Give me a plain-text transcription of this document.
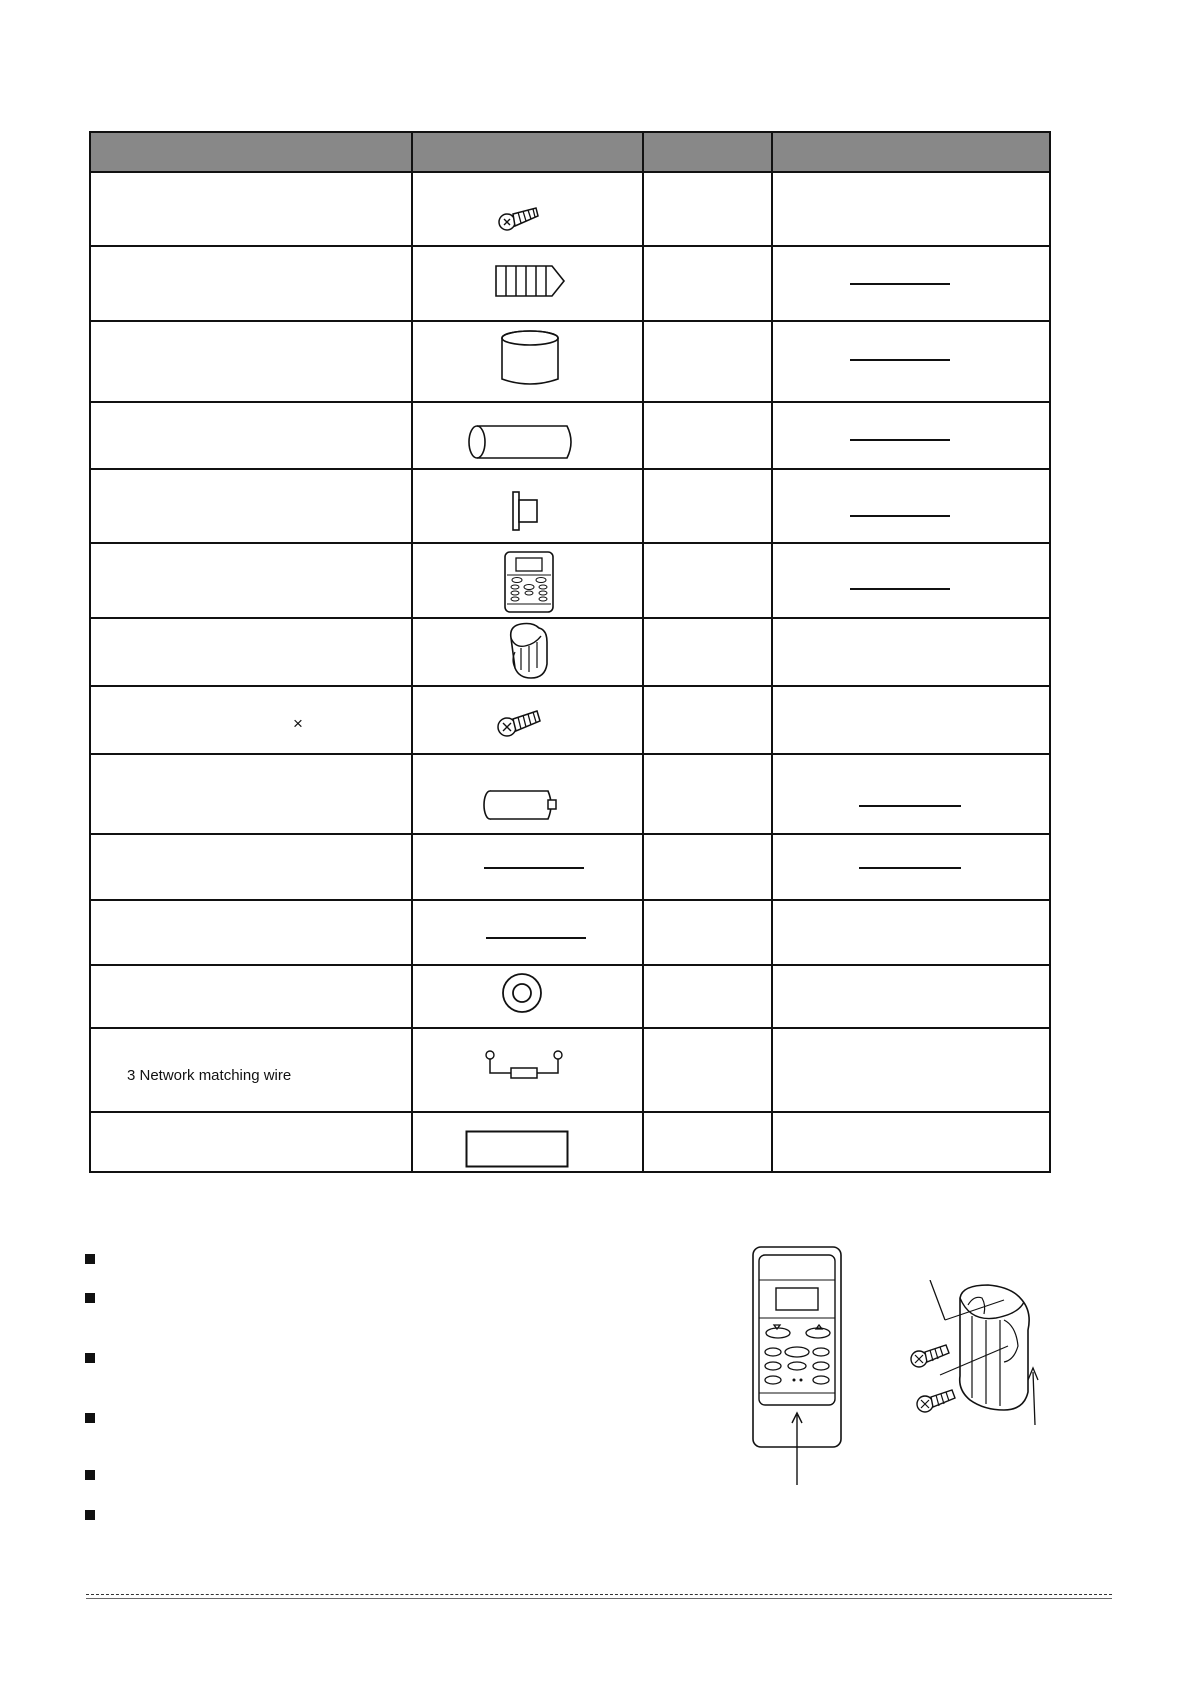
3 Network matching wire
×
